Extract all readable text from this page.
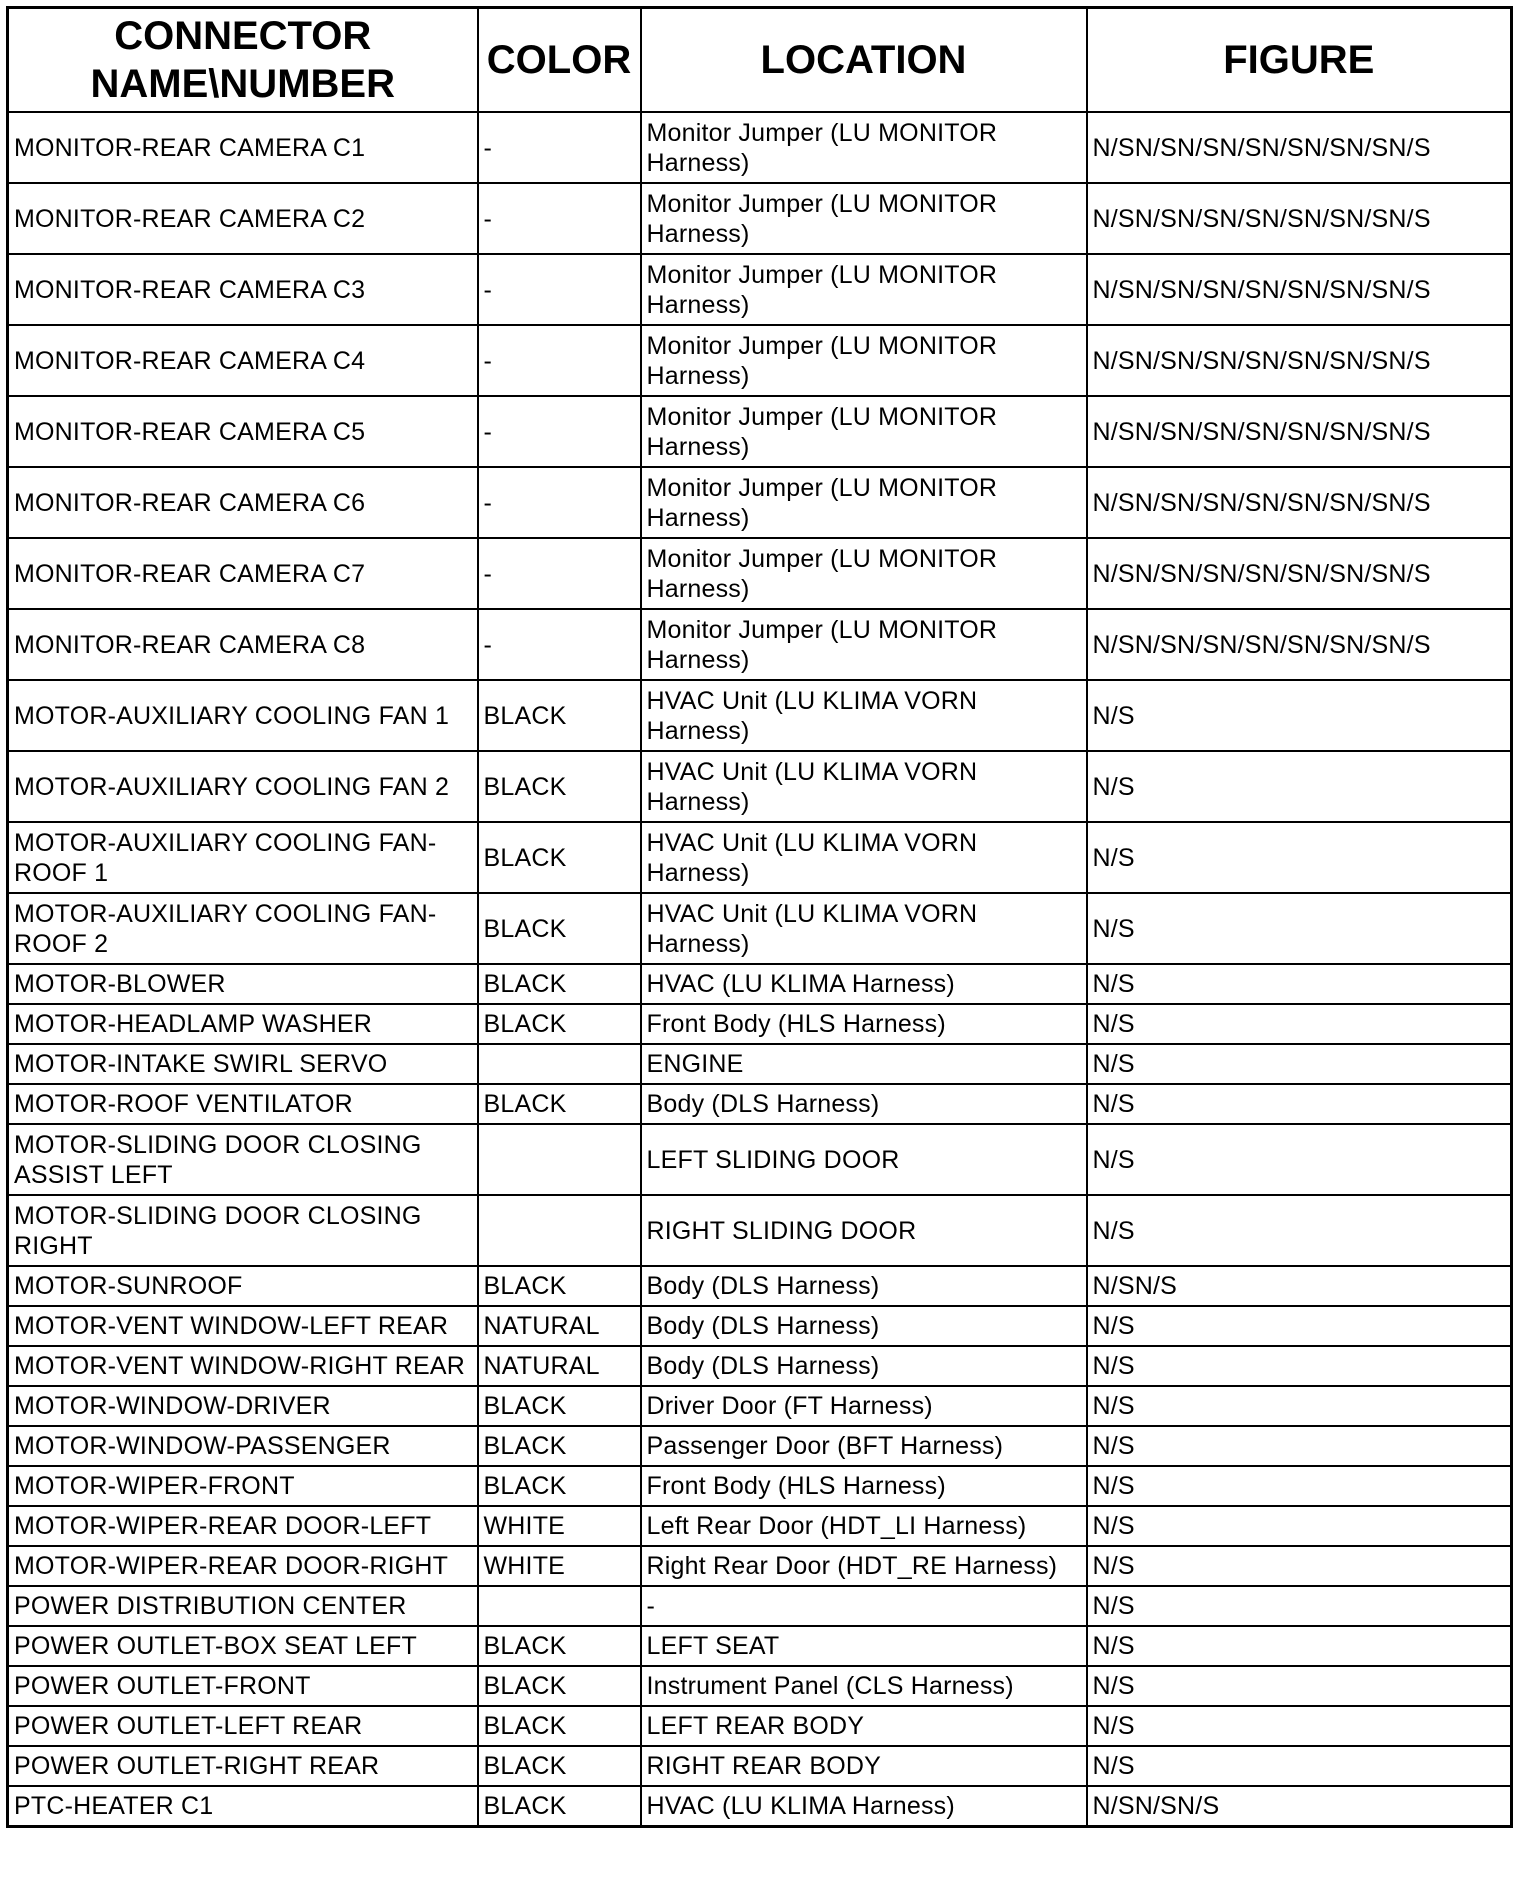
CONNECTOR
NAME\NUMBER	COLOR	LOCATION	FIGURE
MONITOR-REAR CAMERA C1	-	Monitor Jumper (LU MONITOR Harness)	N/SN/SN/SN/SN/SN/SN/SN/S
MONITOR-REAR CAMERA C2	-	Monitor Jumper (LU MONITOR Harness)	N/SN/SN/SN/SN/SN/SN/SN/S
MONITOR-REAR CAMERA C3	-	Monitor Jumper (LU MONITOR Harness)	N/SN/SN/SN/SN/SN/SN/SN/S
MONITOR-REAR CAMERA C4	-	Monitor Jumper (LU MONITOR Harness)	N/SN/SN/SN/SN/SN/SN/SN/S
MONITOR-REAR CAMERA C5	-	Monitor Jumper (LU MONITOR Harness)	N/SN/SN/SN/SN/SN/SN/SN/S
MONITOR-REAR CAMERA C6	-	Monitor Jumper (LU MONITOR Harness)	N/SN/SN/SN/SN/SN/SN/SN/S
MONITOR-REAR CAMERA C7	-	Monitor Jumper (LU MONITOR Harness)	N/SN/SN/SN/SN/SN/SN/SN/S
MONITOR-REAR CAMERA C8	-	Monitor Jumper (LU MONITOR Harness)	N/SN/SN/SN/SN/SN/SN/SN/S
MOTOR-AUXILIARY COOLING FAN 1	BLACK	HVAC Unit (LU KLIMA VORN Harness)	N/S
MOTOR-AUXILIARY COOLING FAN 2	BLACK	HVAC Unit (LU KLIMA VORN Harness)	N/S
MOTOR-AUXILIARY COOLING FAN-ROOF 1	BLACK	HVAC Unit (LU KLIMA VORN Harness)	N/S
MOTOR-AUXILIARY COOLING FAN-ROOF 2	BLACK	HVAC Unit (LU KLIMA VORN Harness)	N/S
MOTOR-BLOWER	BLACK	HVAC (LU KLIMA Harness)	N/S
MOTOR-HEADLAMP WASHER	BLACK	Front Body (HLS Harness)	N/S
MOTOR-INTAKE SWIRL SERVO		ENGINE	N/S
MOTOR-ROOF VENTILATOR	BLACK	Body (DLS Harness)	N/S
MOTOR-SLIDING DOOR CLOSING ASSIST LEFT		LEFT SLIDING DOOR	N/S
MOTOR-SLIDING DOOR CLOSING RIGHT		RIGHT SLIDING DOOR	N/S
MOTOR-SUNROOF	BLACK	Body (DLS Harness)	N/SN/S
MOTOR-VENT WINDOW-LEFT REAR	NATURAL	Body (DLS Harness)	N/S
MOTOR-VENT WINDOW-RIGHT REAR	NATURAL	Body (DLS Harness)	N/S
MOTOR-WINDOW-DRIVER	BLACK	Driver Door (FT Harness)	N/S
MOTOR-WINDOW-PASSENGER	BLACK	Passenger Door (BFT Harness)	N/S
MOTOR-WIPER-FRONT	BLACK	Front Body (HLS Harness)	N/S
MOTOR-WIPER-REAR DOOR-LEFT	WHITE	Left Rear Door (HDT_LI Harness)	N/S
MOTOR-WIPER-REAR DOOR-RIGHT	WHITE	Right Rear Door (HDT_RE Harness)	N/S
POWER DISTRIBUTION CENTER		-	N/S
POWER OUTLET-BOX SEAT LEFT	BLACK	LEFT SEAT	N/S
POWER OUTLET-FRONT	BLACK	Instrument Panel (CLS Harness)	N/S
POWER OUTLET-LEFT REAR	BLACK	LEFT REAR BODY	N/S
POWER OUTLET-RIGHT REAR	BLACK	RIGHT REAR BODY	N/S
PTC-HEATER C1	BLACK	HVAC (LU KLIMA Harness)	N/SN/SN/S
